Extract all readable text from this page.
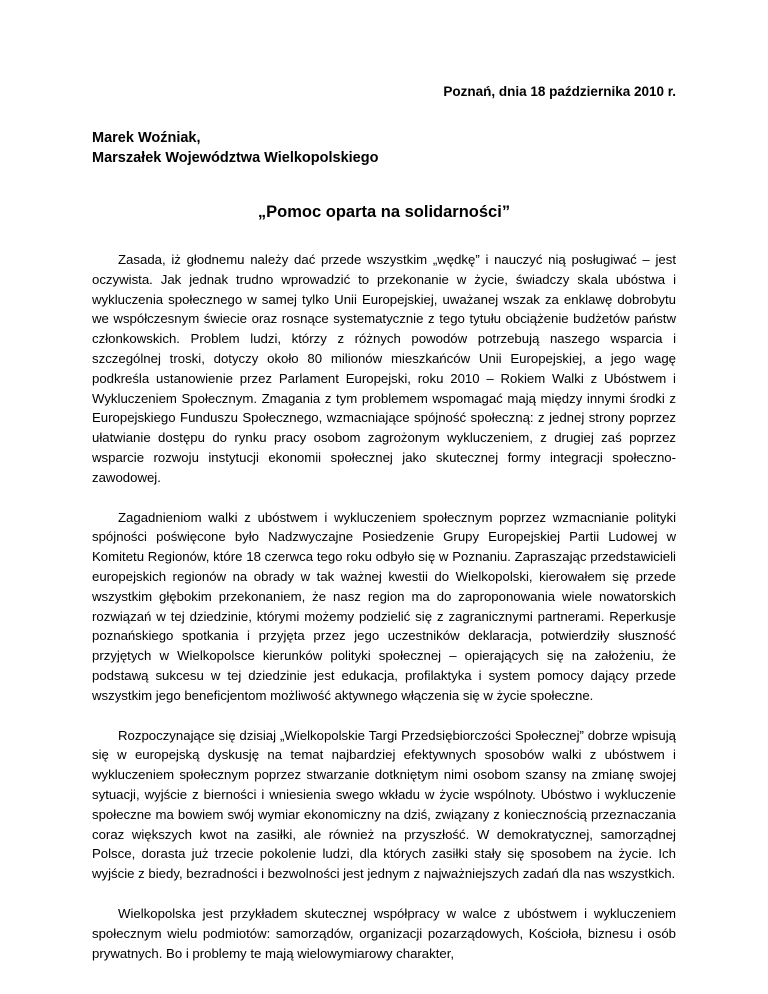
Poznań, dnia 18 października 2010 r.
Marek Woźniak,
Marszałek Województwa Wielkopolskiego
„Pomoc oparta na solidarności”

Zasada, iż głodnemu należy dać przede wszystkim „wędkę” i nauczyć nią posługiwać – jest oczywista. Jak jednak trudno wprowadzić to przekonanie w życie, świadczy skala ubóstwa i wykluczenia społecznego w samej tylko Unii Europejskiej, uważanej wszak za enklawę dobrobytu we współczesnym świecie oraz rosnące systematycznie z tego tytułu obciążenie budżetów państw członkowskich. Problem ludzi, którzy z różnych powodów potrzebują naszego wsparcia i szczególnej troski, dotyczy około 80 milionów mieszkańców Unii Europejskiej, a jego wagę podkreśla ustanowienie przez Parlament Europejski, roku 2010 – Rokiem Walki z Ubóstwem i Wykluczeniem Społecznym. Zmagania z tym problemem wspomagać mają między innymi środki z Europejskiego Funduszu Społecznego, wzmacniające spójność społeczną: z jednej strony poprzez ułatwianie dostępu do rynku pracy osobom zagrożonym wykluczeniem, z drugiej zaś poprzez wsparcie rozwoju instytucji ekonomii społecznej jako skutecznej formy integracji społeczno-zawodowej.

Zagadnieniom walki z ubóstwem i wykluczeniem społecznym poprzez wzmacnianie polityki spójności poświęcone było Nadzwyczajne Posiedzenie Grupy Europejskiej Partii Ludowej w Komitetu Regionów, które 18 czerwca tego roku odbyło się w Poznaniu. Zapraszając przedstawicieli europejskich regionów na obrady w tak ważnej kwestii do Wielkopolski, kierowałem się przede wszystkim głębokim przekonaniem, że nasz region ma do zaproponowania wiele nowatorskich rozwiązań w tej dziedzinie, którymi możemy podzielić się z zagranicznymi partnerami. Reperkusje poznańskiego spotkania i przyjęta przez jego uczestników deklaracja, potwierdziły słuszność przyjętych w Wielkopolsce kierunków polityki społecznej – opierających się na założeniu, że podstawą sukcesu w tej dziedzinie jest edukacja, profilaktyka i system pomocy dający przede wszystkim jego beneficjentom możliwość aktywnego włączenia się w życie społeczne.

Rozpoczynające się dzisiaj „Wielkopolskie Targi Przedsiębiorczości Społecznej” dobrze wpisują się w europejską dyskusję na temat najbardziej efektywnych sposobów walki z ubóstwem i wykluczeniem społecznym poprzez stwarzanie dotkniętym nimi osobom szansy na zmianę swojej sytuacji, wyjście z bierności i wniesienia swego wkładu w życie wspólnoty. Ubóstwo i wykluczenie społeczne ma bowiem swój wymiar ekonomiczny na dziś, związany z koniecznością przeznaczania coraz większych kwot na zasiłki, ale również na przyszłość. W demokratycznej, samorządnej Polsce, dorasta już trzecie pokolenie ludzi, dla których zasiłki stały się sposobem na życie. Ich wyjście z biedy, bezradności i bezwolności jest jednym z najważniejszych zadań dla nas wszystkich.

Wielkopolska jest przykładem skutecznej współpracy w walce z ubóstwem i wykluczeniem społecznym wielu podmiotów: samorządów, organizacji pozarządowych, Kościoła, biznesu i osób prywatnych. Bo i problemy te mają wielowymiarowy charakter,
